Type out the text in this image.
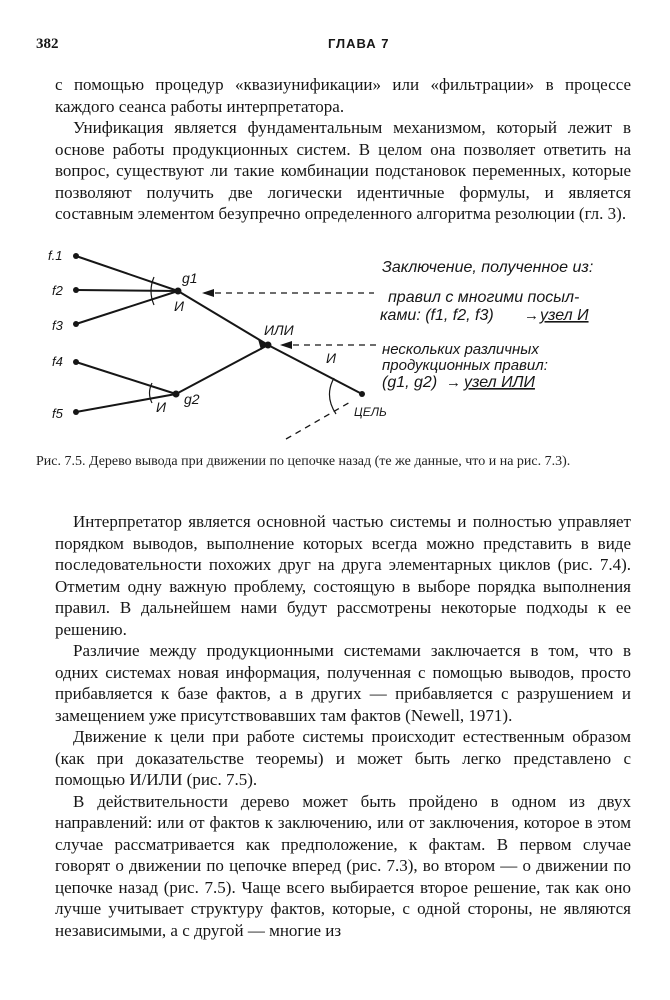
382	ГЛАВА 7

с помощью процедур «квазиунификации» или «фильтрации» в процессе каждого сеанса работы интерпретатора.

Унификация является фундаментальным механизмом, который лежит в основе работы продукционных систем. В целом она позволяет ответить на вопрос, существуют ли такие комбинации подстановок переменных, которые позволяют получить две логически идентичные формулы, и является составным элементом безупречно определенного алгоритма резолюции (гл. 3).

f.1
f2
f3
f4
f5
g1
И
g2
И
ИЛИ
И
ЦЕЛЬ
Заключение, полученное из:
правил с многими посыл-
ками: (f1, f2, f3) → узел И
нескольких различных
продукционных правил:
(g1, g2) → узел ИЛИ
Рис. 7.5. Дерево вывода при движении по цепочке назад (те же данные, что и на рис. 7.3).

Интерпретатор является основной частью системы и полностью управляет порядком выводов, выполнение которых всегда можно представить в виде последовательности похожих друг на друга элементарных циклов (рис. 7.4). Отметим одну важную проблему, состоящую в выборе порядка выполнения правил. В дальнейшем нами будут рассмотрены некоторые подходы к ее решению.

Различие между продукционными системами заключается в том, что в одних системах новая информация, полученная с помощью выводов, просто прибавляется к базе фактов, а в других — прибавляется с разрушением и замещением уже присутствовавших там фактов (Newell, 1971).

Движение к цели при работе системы происходит естественным образом (как при доказательстве теоремы) и может быть легко представлено с помощью И/ИЛИ (рис. 7.5).

В действительности дерево может быть пройдено в одном из двух направлений: или от фактов к заключению, или от заключения, которое в этом случае рассматривается как предположение, к фактам. В первом случае говорят о движении по цепочке вперед (рис. 7.3), во втором — о движении по цепочке назад (рис. 7.5). Чаще всего выбирается второе решение, так как оно лучше учитывает структуру фактов, которые, с одной стороны, не являются независимыми, а с другой — многие из
